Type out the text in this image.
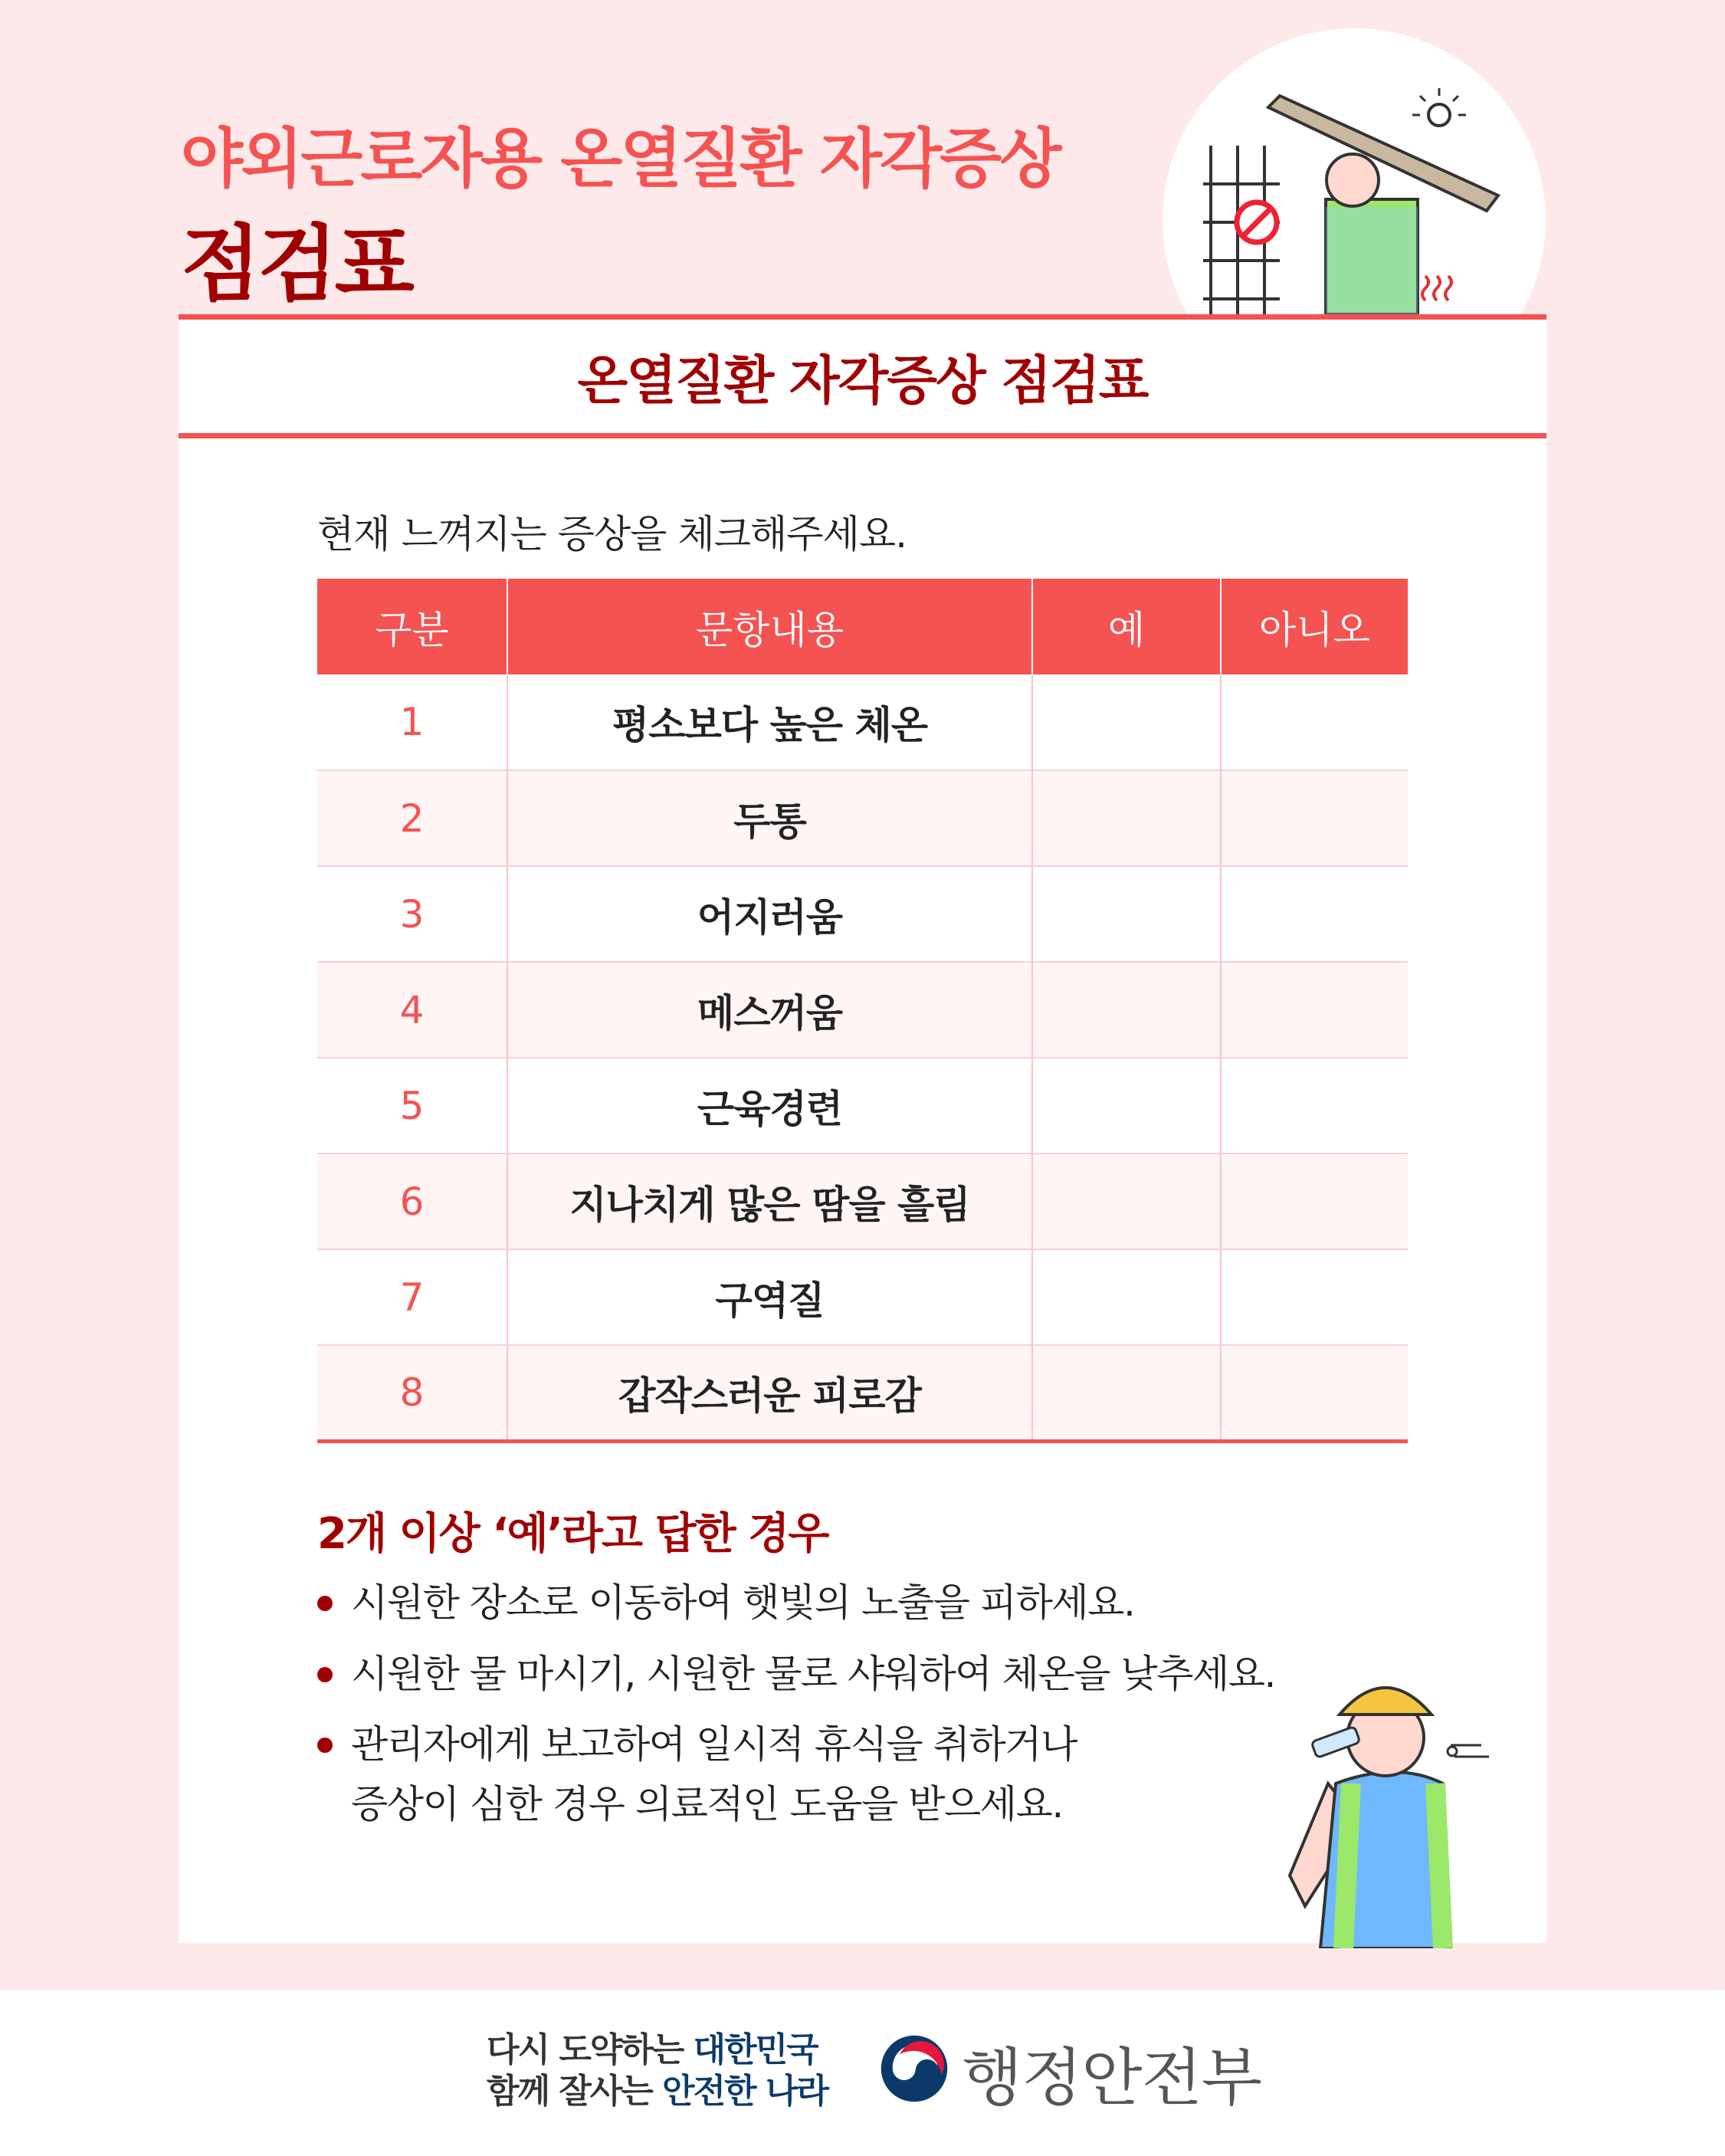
야외근로자용 온열질환 자각증상
점검표
온열질환 자각증상 점검표
현재 느껴지는 증상을 체크해주세요.
구분	문항내용	예	아니오
1	평소보다 높은 체온		
2	두통		
3	어지러움		
4	메스꺼움		
5	근육경련		
6	지나치게 많은 땀을 흘림		
7	구역질		
8	갑작스러운 피로감		
2개 이상 ‘예’라고 답한 경우
시원한 장소로 이동하여 햇빛의 노출을 피하세요.
시원한 물 마시기, 시원한 물로 샤워하여 체온을 낮추세요.
관리자에게 보고하여 일시적 휴식을 취하거나
증상이 심한 경우 의료적인 도움을 받으세요.
다시 도약하는 대한민국
함께 잘사는 안전한 나라 행정안전부
